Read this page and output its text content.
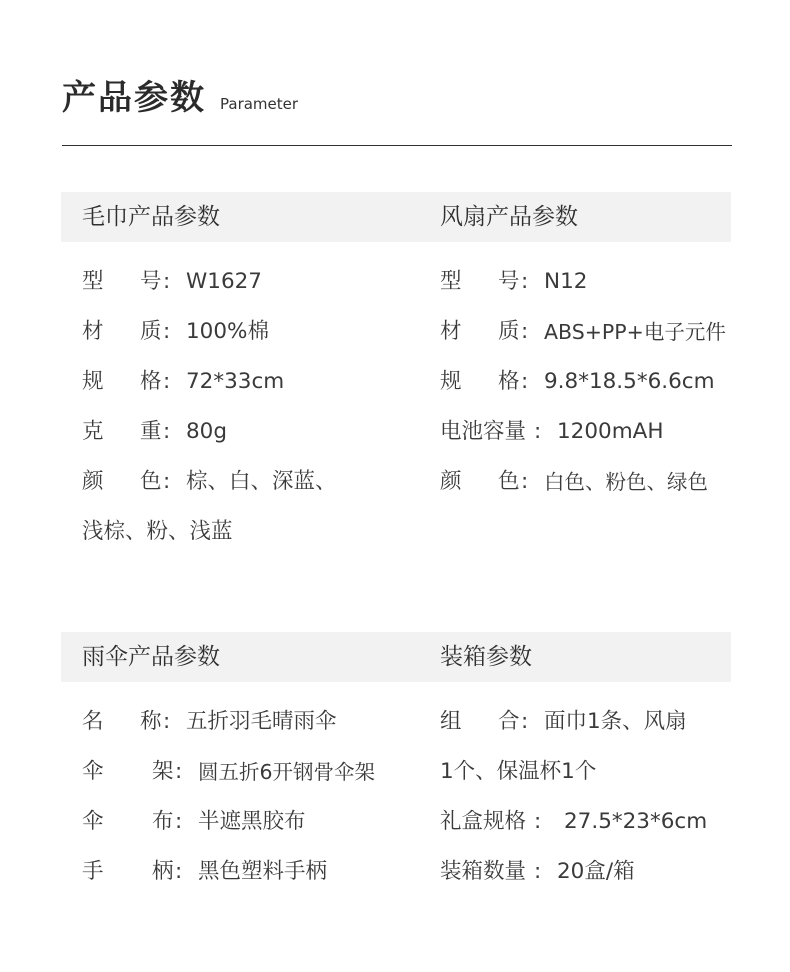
产品参数 Parameter
毛巾产品参数	风扇产品参数
型 号 : W1627
材 质 : 100%棉
规 格 : 72*33cm
克 重 : 80g
颜 色 : 棕、白、深蓝、
浅棕、粉、浅蓝
型 号 : N12
材 质 : ABS+PP+电子元件
规 格 : 9.8*18.5*6.6cm
电池容量 : 1200mAH
颜 色 : 白色、粉色、绿色
雨伞产品参数	装箱参数
名 称 : 五折羽毛晴雨伞
伞 架 : 圆五折6开钢骨伞架
伞 布 : 半遮黑胶布
手 柄 : 黑色塑料手柄
组 合 : 面巾1条、风扇
1个、保温杯1个
礼盒规格 : 27.5*23*6cm
装箱数量 : 20盒/箱
